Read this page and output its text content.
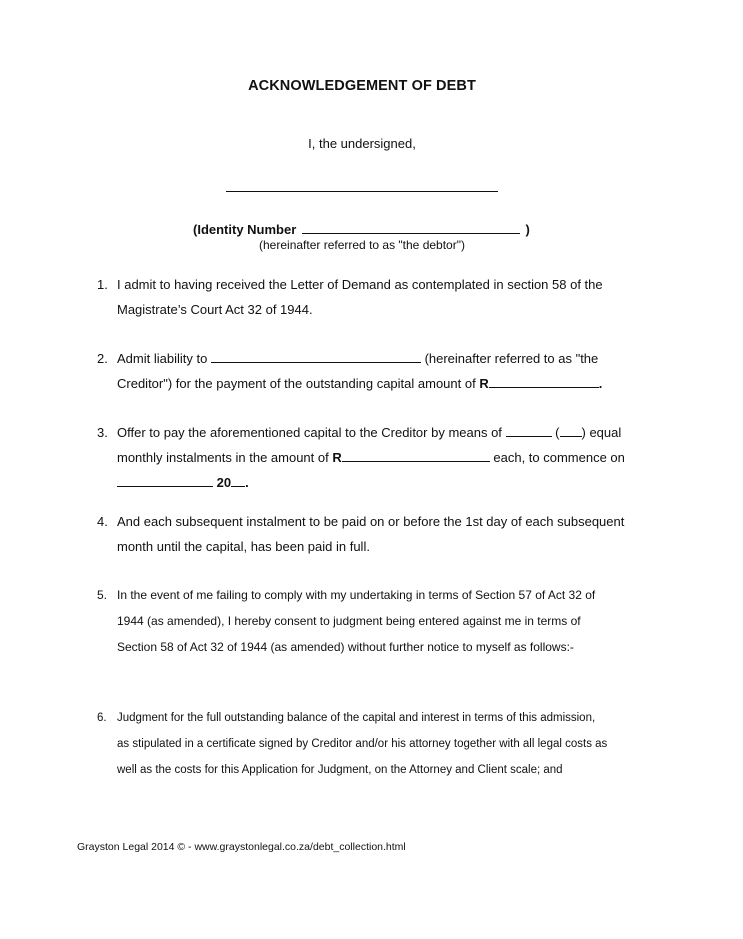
ACKNOWLEDGEMENT OF DEBT
I, the undersigned,
(Identity Number	)
(hereinafter referred to as "the debtor")
1. I admit to having received the Letter of Demand as contemplated in section 58 of the
Magistrate’s Court Act 32 of 1944.
2. Admit liability to	(hereinafter referred to as "the
Creditor") for the payment of the outstanding capital amount of R	.
3. Offer to pay the aforementioned capital to the Creditor by means of	( ) equal
monthly instalments in the amount of R	each, to commence on
20 .
4. And each subsequent instalment to be paid on or before the 1st day of each subsequent
month until the capital, has been paid in full.
5. In the event of me failing to comply with my undertaking in terms of Section 57 of Act 32 of
1944 (as amended), I hereby consent to judgment being entered against me in terms of
Section 58 of Act 32 of 1944 (as amended) without further notice to myself as follows:-
6. Judgment for the full outstanding balance of the capital and interest in terms of this admission,
as stipulated in a certificate signed by Creditor and/or his attorney together with all legal costs as
well as the costs for this Application for Judgment, on the Attorney and Client scale; and
Grayston Legal 2014 © - www.graystonlegal.co.za/debt_collection.html
